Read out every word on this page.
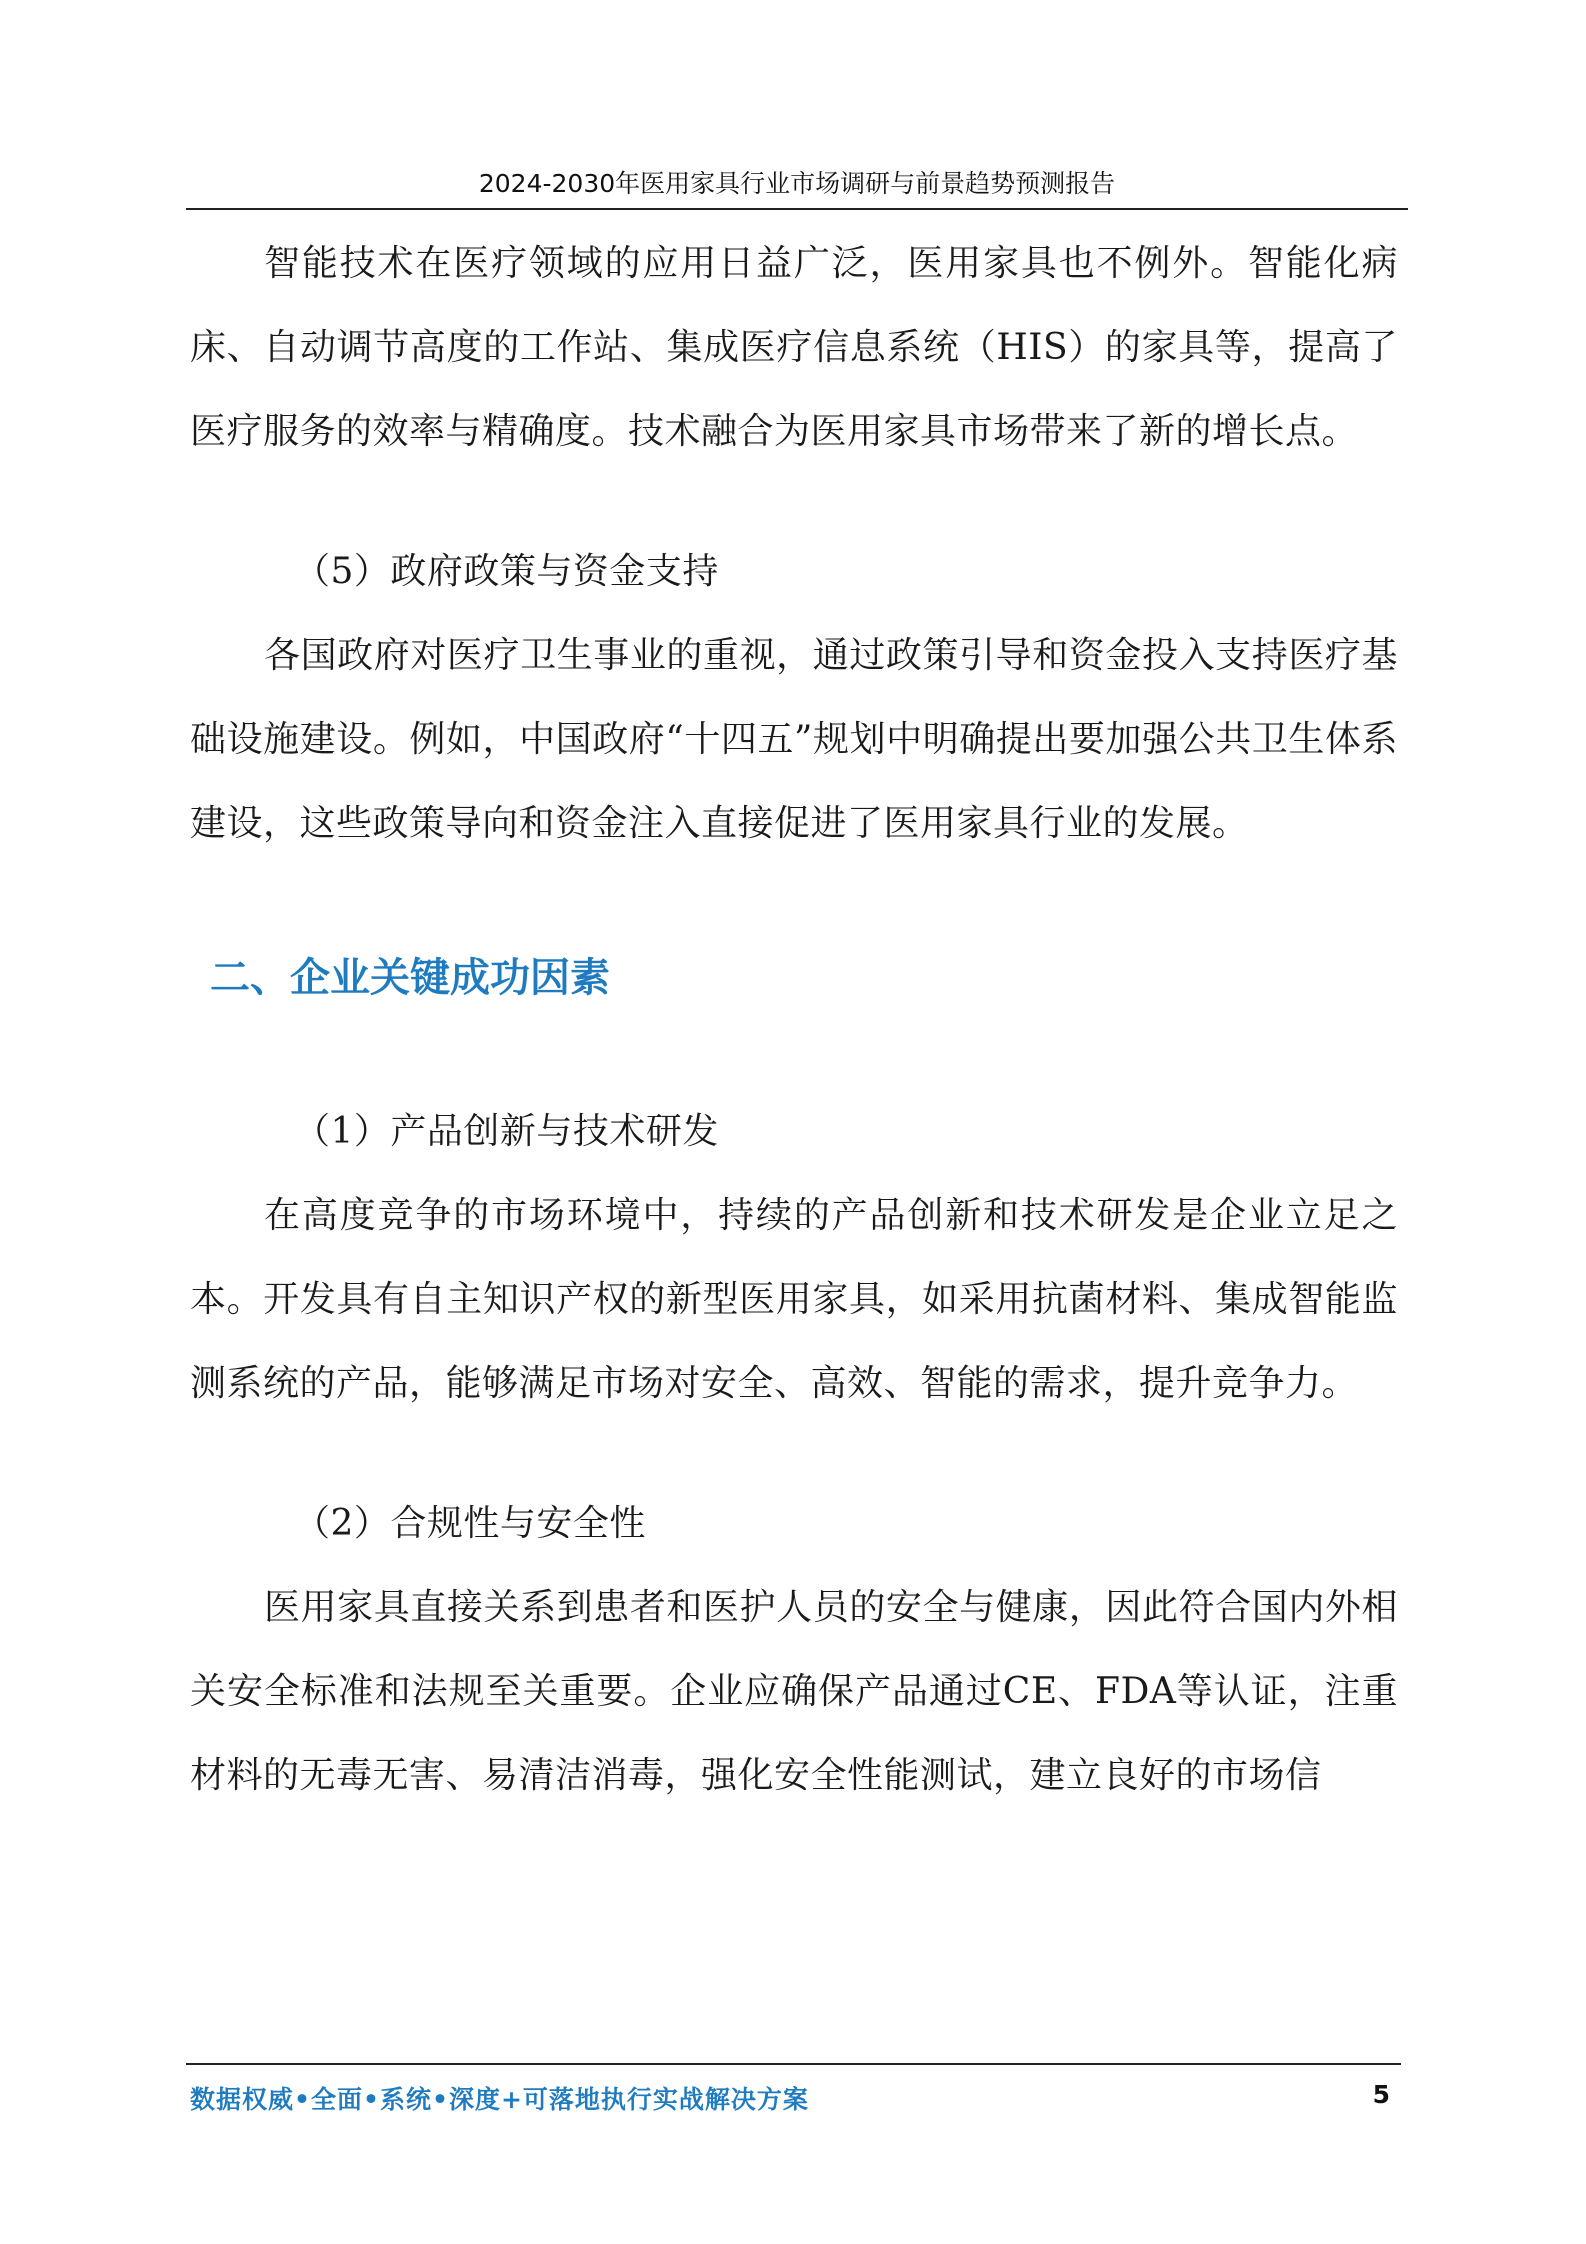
2024-2030年医用家具行业市场调研与前景趋势预测报告

智能技术在医疗领域的应用日益广泛，医用家具也不例外。智能化病床、自动调节高度的工作站、集成医疗信息系统（HIS）的家具等，提高了医疗服务的效率与精确度。技术融合为医用家具市场带来了新的增长点。

（5）政府政策与资金支持

各国政府对医疗卫生事业的重视，通过政策引导和资金投入支持医疗基础设施建设。例如，中国政府“十四五”规划中明确提出要加强公共卫生体系建设，这些政策导向和资金注入直接促进了医用家具行业的发展。

二、企业关键成功因素

（1）产品创新与技术研发

在高度竞争的市场环境中，持续的产品创新和技术研发是企业立足之本。开发具有自主知识产权的新型医用家具，如采用抗菌材料、集成智能监测系统的产品，能够满足市场对安全、高效、智能的需求，提升竞争力。

（2）合规性与安全性

医用家具直接关系到患者和医护人员的安全与健康，因此符合国内外相关安全标准和法规至关重要。企业应确保产品通过CE、FDA等认证，注重材料的无毒无害、易清洁消毒，强化安全性能测试，建立良好的市场信

数据权威•全面•系统•深度+可落地执行实战解决方案	5
